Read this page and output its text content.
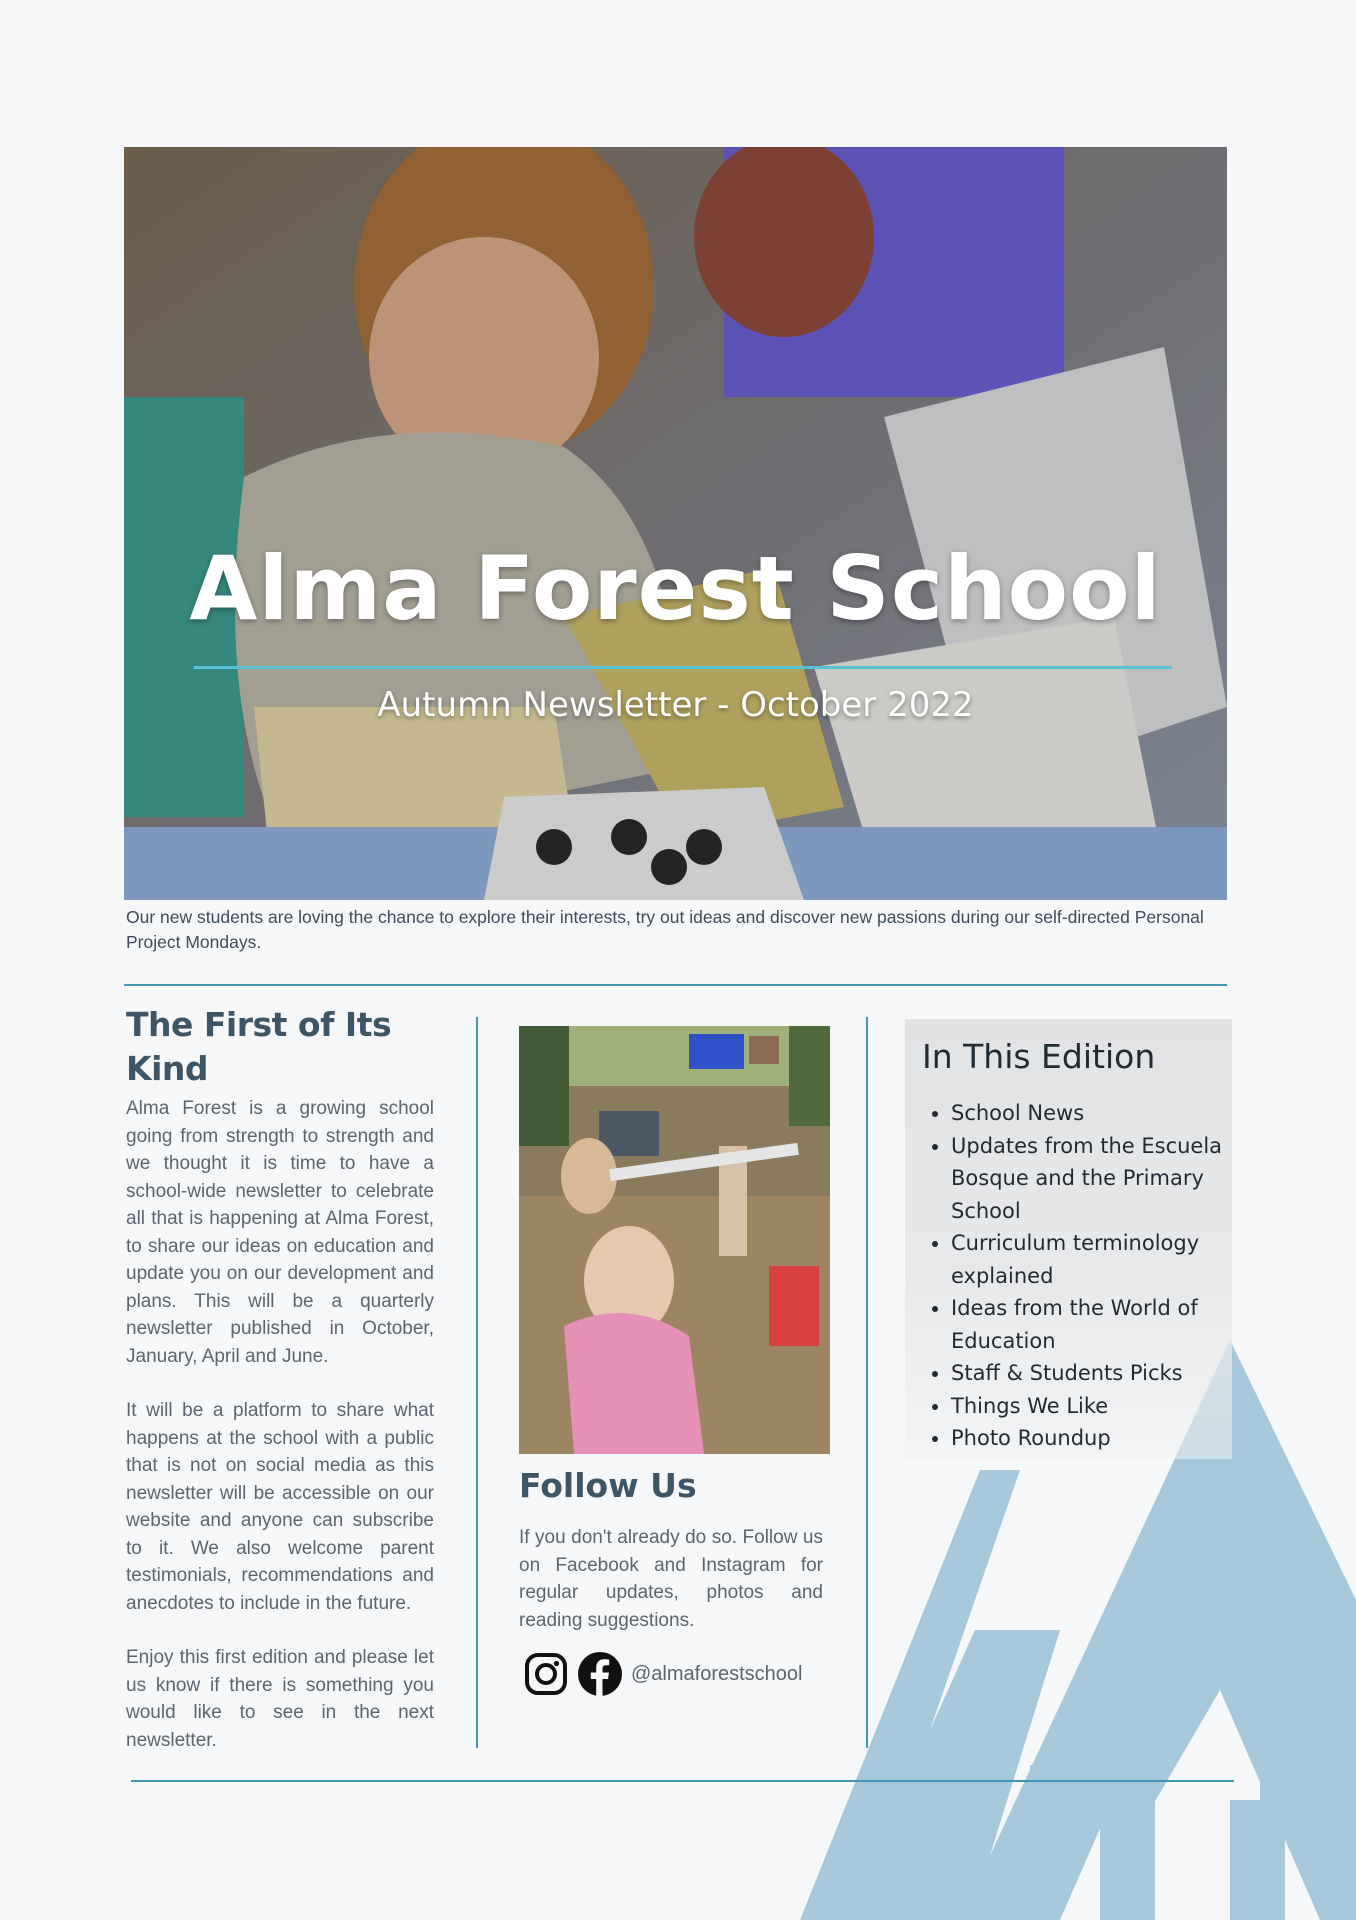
Alma Forest School
Autumn Newsletter - October 2022
Our new students are loving the chance to explore their interests, try out ideas and discover new passions during our self-directed Personal Project Mondays.
The First of Its Kind

Alma Forest is a growing school going from strength to strength and we thought it is time to have a school-wide newsletter to celebrate all that is happening at Alma Forest, to share our ideas on education and update you on our development and plans. This will be a quarterly newsletter published in October, January, April and June.

It will be a platform to share what happens at the school with a public that is not on social media as this newsletter will be accessible on our website and anyone can subscribe to it. We also welcome parent testimonials, recommendations and anecdotes to include in the future.

Enjoy this first edition and please let us know if there is something you would like to see in the next newsletter.

Follow Us

If you don't already do so. Follow us on Facebook and Instagram for regular updates, photos and reading suggestions.

@almaforestschool
In This Edition
• School News
• Updates from the Escuela Bosque and the Primary School
• Curriculum terminology explained
• Ideas from the World of Education
• Staff & Students Picks
• Things We Like
• Photo Roundup
